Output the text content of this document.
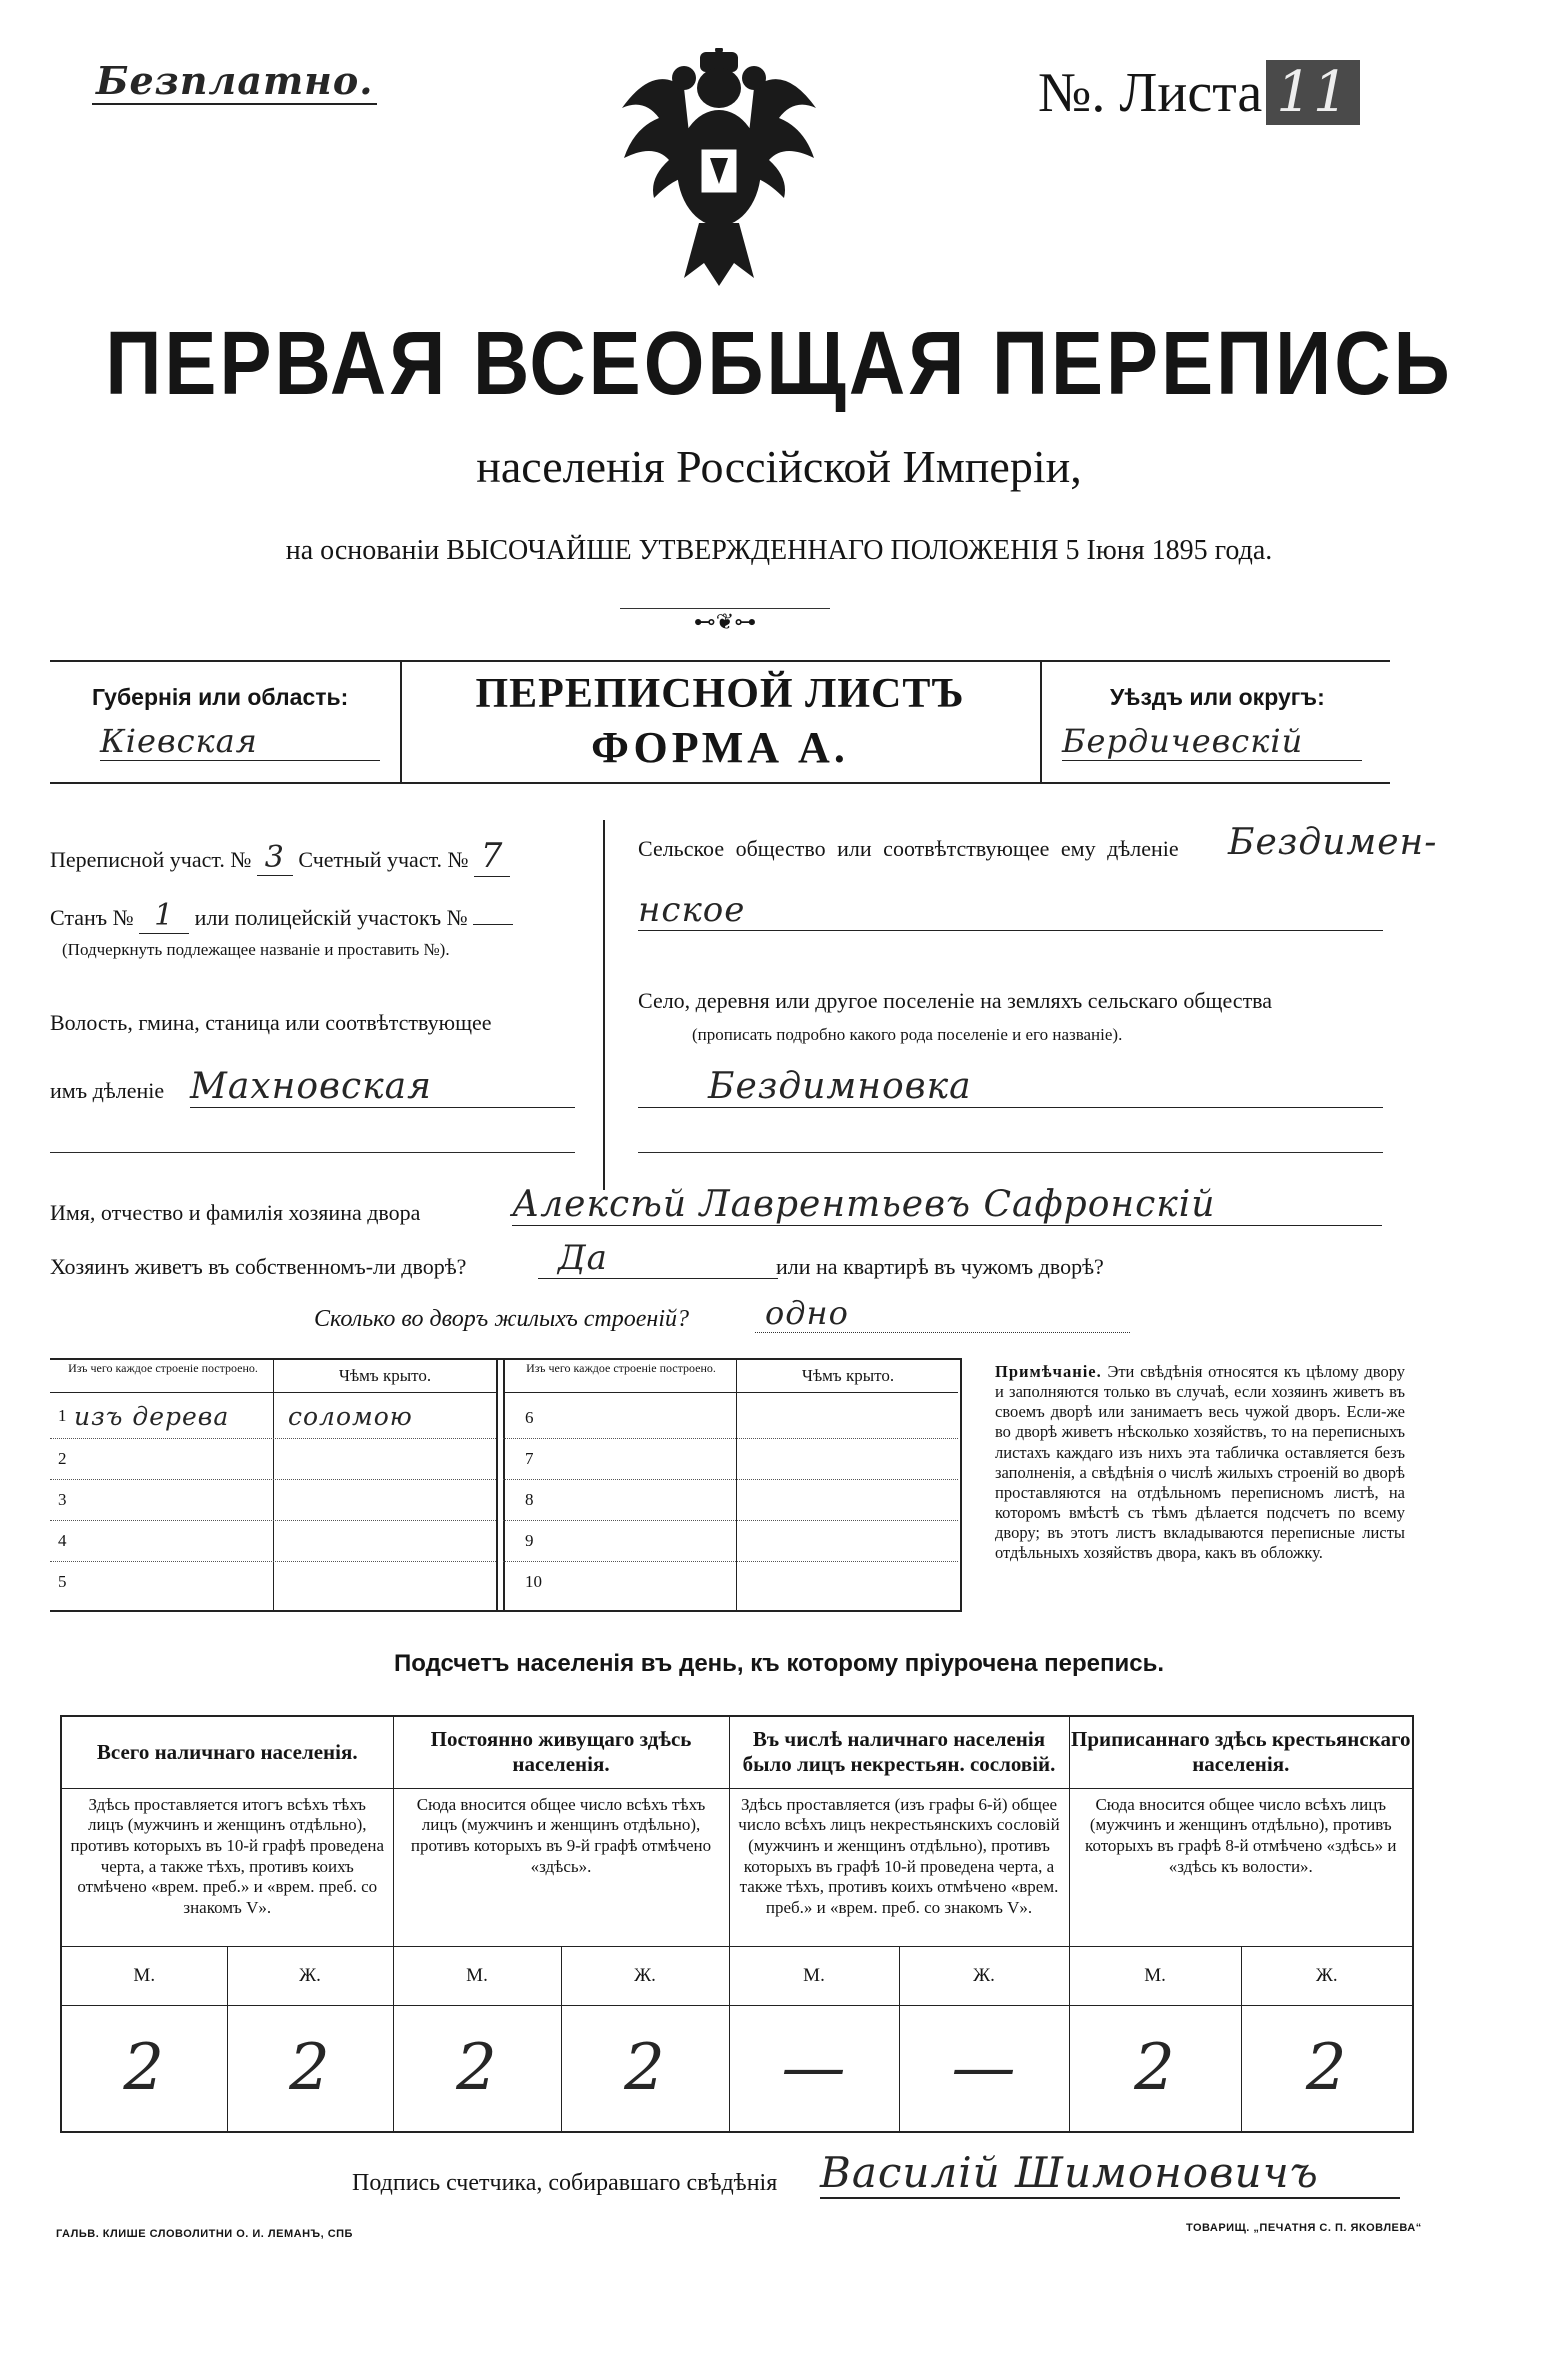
Безплатно.	№. Листа 11
ПЕРВАЯ ВСЕОБЩАЯ ПЕРЕПИСЬ
населенія Россійской Имперіи,
на основаніи ВЫСОЧАЙШЕ УТВЕРЖДЕННАГО ПОЛОЖЕНІЯ 5 Іюня 1895 года.
⊷❦⊶
Губернія или область:
Кіевская
ПЕРЕПИСНОЙ ЛИСТЪ
ФОРМА А.
Уѣздъ или округъ:
Бердичевскій
Переписной участ. № 3 Счетный участ. № 7
Станъ № 1 или полицейскій участокъ №
(Подчеркнуть подлежащее названіе и проставить №).
Волость, гмина, станица или соотвѣтствующее
имъ дѣленіе Махновская
Сельское общество или соотвѣтствующее ему дѣленіе Бездимен-
нское
Село, деревня или другое поселеніе на земляхъ сельскаго общества
(прописать подробно какого рода поселеніе и его названіе).
Бездимновка
Имя, отчество и фамилія хозяина двора	Алексѣй Лаврентьевъ Сафронскій
Хозяинъ живетъ въ собственномъ-ли дворѣ?	Да	или на квартирѣ въ чужомъ дворѣ?
Сколько во дворъ жилыхъ строеній?	одно
Изъ чего каждое строеніе построено.	Чѣмъ крыто.	Изъ чего каждое строеніе построено.	Чѣмъ крыто.
1 изъ дерева соломою
2
3
4
5
6
7
8
9
10
Примѣчаніе. Эти свѣдѣнія относятся къ цѣлому двору и заполняются только въ случаѣ, если хозяинъ живетъ въ своемъ дворѣ или занимаетъ весь чужой дворъ. Если-же во дворѣ живетъ нѣсколько хозяйствъ, то на переписныхъ листахъ каждаго изъ нихъ эта табличка оставляется безъ заполненія, а свѣдѣнія о числѣ жилыхъ строеній во дворѣ проставляются на отдѣльномъ переписномъ листѣ, на которомъ вмѣстѣ съ тѣмъ дѣлается подсчетъ по всему двору; въ этотъ листъ вкладываются переписные листы отдѣльныхъ хозяйствъ двора, какъ въ обложку.
Подсчетъ населенія въ день, къ которому пріурочена перепись.
Всего наличнаго населенія.		Постоянно живущаго здѣсь населенія.		Въ числѣ наличнаго населенія было лицъ некрестьян. сословій.		Приписаннаго здѣсь крестьянскаго населенія.	
Здѣсь проставляется итогъ всѣхъ тѣхъ лицъ (мужчинъ и женщинъ отдѣльно), противъ которыхъ въ 10-й графѣ проведена черта, а также тѣхъ, противъ коихъ отмѣчено «врем. преб.» и «врем. преб. со знакомъ V».		Сюда вносится общее число всѣхъ тѣхъ лицъ (мужчинъ и женщинъ отдѣльно), противъ которыхъ въ 9-й графѣ отмѣчено «здѣсь».		Здѣсь проставляется (изъ графы 6-й) общее число всѣхъ лицъ некрестьянскихъ сословій (мужчинъ и женщинъ отдѣльно), противъ которыхъ въ графѣ 10-й проведена черта, а также тѣхъ, противъ коихъ отмѣчено «врем. преб.» и «врем. преб. со знакомъ V».		Сюда вносится общее число всѣхъ лицъ (мужчинъ и женщинъ отдѣльно), противъ которыхъ въ графѣ 8-й отмѣчено «здѣсь» и «здѣсь къ волости».	
М.	Ж.	М.	Ж.	М.	Ж.	М.	Ж.
2	2	2	2	—	—	2	2
Подпись счетчика, собиравшаго свѣдѣнія Василій Шимоновичъ
ГАЛЬВ. КЛИШЕ СЛОВОЛИТНИ О. И. ЛЕМАНЪ, СПБ	ТОВАРИЩ. „ПЕЧАТНЯ С. П. ЯКОВЛЕВА“
